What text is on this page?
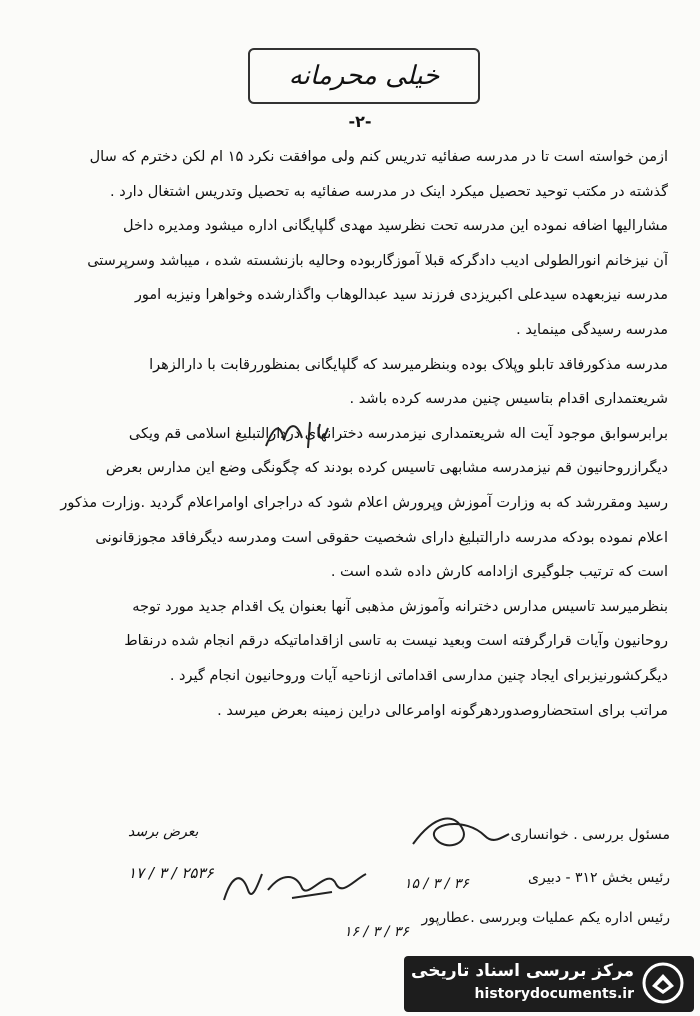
خیلی محرمانه
-۲-
ازمن خواسته است تا در مدرسه صفائیه تدریس کنم ولی موافقت نکرد ۱۵ ام لکن دخترم که سال
گذشته در مکتب توحید تحصیل میکرد اینک در مدرسه صفائیه به تحصیل وتدریس اشتغال دارد .
مشارالیها اضافه نموده این مدرسه تحت نظرسید مهدی گلپایگانی اداره میشود ومدیره داخل
آن نیزخانم انورالطولی ادیب دادگرکه قبلا آموزگاربوده وحالیه بازنشسته شده ، میباشد وسرپرستی
مدرسه نیزبعهده سیدعلی اکبریزدی فرزند سید عبدالوهاب واگذارشده وخواهرا ونیزبه امور
مدرسه رسیدگی مینماید .
مدرسه مذکورفاقد تابلو وپلاک بوده وبنظرمیرسد که گلپایگانی بمنظوررقابت با دارالزهرا
شریعتمداری اقدام بتاسیس چنین مدرسه کرده باشد .
برابرسوابق موجود آیت اله شریعتمداری نیزمدرسه دخترانهای دردارالتبلیغ اسلامی قم ویکی
دیگرازروحانیون قم نیزمدرسه مشابهی تاسیس کرده بودند که چگونگی وضع این مدارس بعرض
رسید ومقررشد که به وزارت آموزش وپرورش اعلام شود که دراجرای اوامراعلام گردید .وزارت مذکور
اعلام نموده بودکه مدرسه دارالتبلیغ دارای شخصیت حقوقی است ومدرسه دیگرفاقد مجوزقانونی
است که ترتیب جلوگیری ازادامه کارش داده شده است .
بنظرمیرسد تاسیس مدارس دخترانه وآموزش مذهبی آنها بعنوان یک اقدام جدید مورد توجه
روحانیون وآیات قرارگرفته است وبعید نیست به تاسی ازاقداماتیکه درقم انجام شده درنقاط
دیگرکشورنیزبرای ایجاد چنین مدارسی اقداماتی ازناحیه آیات وروحانیون انجام گیرد .
مراتب برای استحضاروصدوردهرگونه اوامرعالی دراین زمینه بعرض میرسد .
مسئول بررسی . خوانساری
رئیس بخش ۳۱۲ - دبیری
رئیس اداره یکم عملیات وبررسی .عطارپور
بعرض برسد
۱۷ / ۳ / ۲۵۳۶
۱۵ / ۳ / ۳۶
۱۶ / ۳ / ۳۶
مرکز بررسی اسناد تاریخی
historydocuments.ir
